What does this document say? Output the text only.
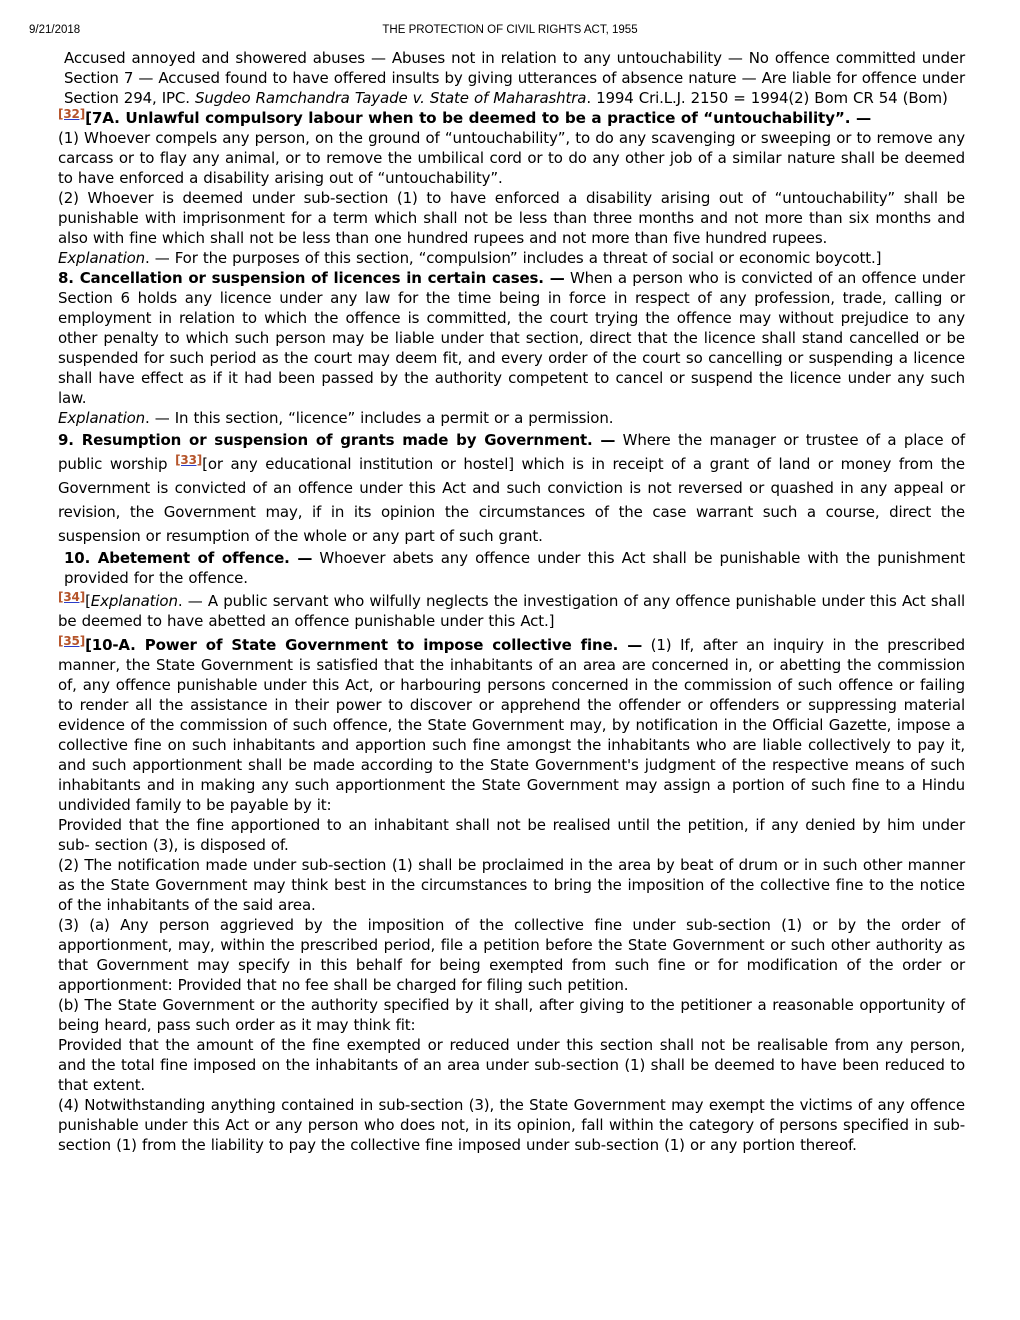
9/21/2018	THE PROTECTION OF CIVIL RIGHTS ACT, 1955

Accused annoyed and showered abuses — Abuses not in relation to any untouchability — No offence committed under Section 7 — Accused found to have offered insults by giving utterances of absence nature — Are liable for offence under Section 294, IPC. Sugdeo Ramchandra Tayade v. State of Maharashtra. 1994 Cri.L.J. 2150 = 1994(2) Bom CR 54 (Bom)

[32][7A. Unlawful compulsory labour when to be deemed to be a practice of “untouchability”. —

(1) Whoever compels any person, on the ground of “untouchability”, to do any scavenging or sweeping or to remove any carcass or to flay any animal, or to remove the umbilical cord or to do any other job of a similar nature shall be deemed to have enforced a disability arising out of “untouchability”.

(2) Whoever is deemed under sub-section (1) to have enforced a disability arising out of “untouchability” shall be punishable with imprisonment for a term which shall not be less than three months and not more than six months and also with fine which shall not be less than one hundred rupees and not more than five hundred rupees.

Explanation. — For the purposes of this section, “compulsion” includes a threat of social or economic boycott.]

8. Cancellation or suspension of licences in certain cases. — When a person who is convicted of an offence under Section 6 holds any licence under any law for the time being in force in respect of any profession, trade, calling or employment in relation to which the offence is committed, the court trying the offence may without prejudice to any other penalty to which such person may be liable under that section, direct that the licence shall stand cancelled or be suspended for such period as the court may deem fit, and every order of the court so cancelling or suspending a licence shall have effect as if it had been passed by the authority competent to cancel or suspend the licence under any such law.

Explanation. — In this section, “licence” includes a permit or a permission.

9. Resumption or suspension of grants made by Government. — Where the manager or trustee of a place of public worship [33][or any educational institution or hostel] which is in receipt of a grant of land or money from the Government is convicted of an offence under this Act and such conviction is not reversed or quashed in any appeal or revision, the Government may, if in its opinion the circumstances of the case warrant such a course, direct the suspension or resumption of the whole or any part of such grant.

10. Abetement of offence. — Whoever abets any offence under this Act shall be punishable with the punishment provided for the offence.

[34][Explanation. — A public servant who wilfully neglects the investigation of any offence punishable under this Act shall be deemed to have abetted an offence punishable under this Act.]

[35][10-A. Power of State Government to impose collective fine. — (1) If, after an inquiry in the prescribed manner, the State Government is satisfied that the inhabitants of an area are concerned in, or abetting the commission of, any offence punishable under this Act, or harbouring persons concerned in the commission of such offence or failing to render all the assistance in their power to discover or apprehend the offender or offenders or suppressing material evidence of the commission of such offence, the State Government may, by notification in the Official Gazette, impose a collective fine on such inhabitants and apportion such fine amongst the inhabitants who are liable collectively to pay it, and such apportionment shall be made according to the State Government's judgment of the respective means of such inhabitants and in making any such apportionment the State Government may assign a portion of such fine to a Hindu undivided family to be payable by it:

Provided that the fine apportioned to an inhabitant shall not be realised until the petition, if any denied by him under sub- section (3), is disposed of.

(2) The notification made under sub-section (1) shall be proclaimed in the area by beat of drum or in such other manner as the State Government may think best in the circumstances to bring the imposition of the collective fine to the notice of the inhabitants of the said area.

(3) (a) Any person aggrieved by the imposition of the collective fine under sub-section (1) or by the order of apportionment, may, within the prescribed period, file a petition before the State Government or such other authority as that Government may specify in this behalf for being exempted from such fine or for modification of the order or apportionment: Provided that no fee shall be charged for filing such petition.

(b) The State Government or the authority specified by it shall, after giving to the petitioner a reasonable opportunity of being heard, pass such order as it may think fit:

Provided that the amount of the fine exempted or reduced under this section shall not be realisable from any person, and the total fine imposed on the inhabitants of an area under sub-section (1) shall be deemed to have been reduced to that extent.

(4) Notwithstanding anything contained in sub-section (3), the State Government may exempt the victims of any offence punishable under this Act or any person who does not, in its opinion, fall within the category of persons specified in sub-section (1) from the liability to pay the collective fine imposed under sub-section (1) or any portion thereof.
